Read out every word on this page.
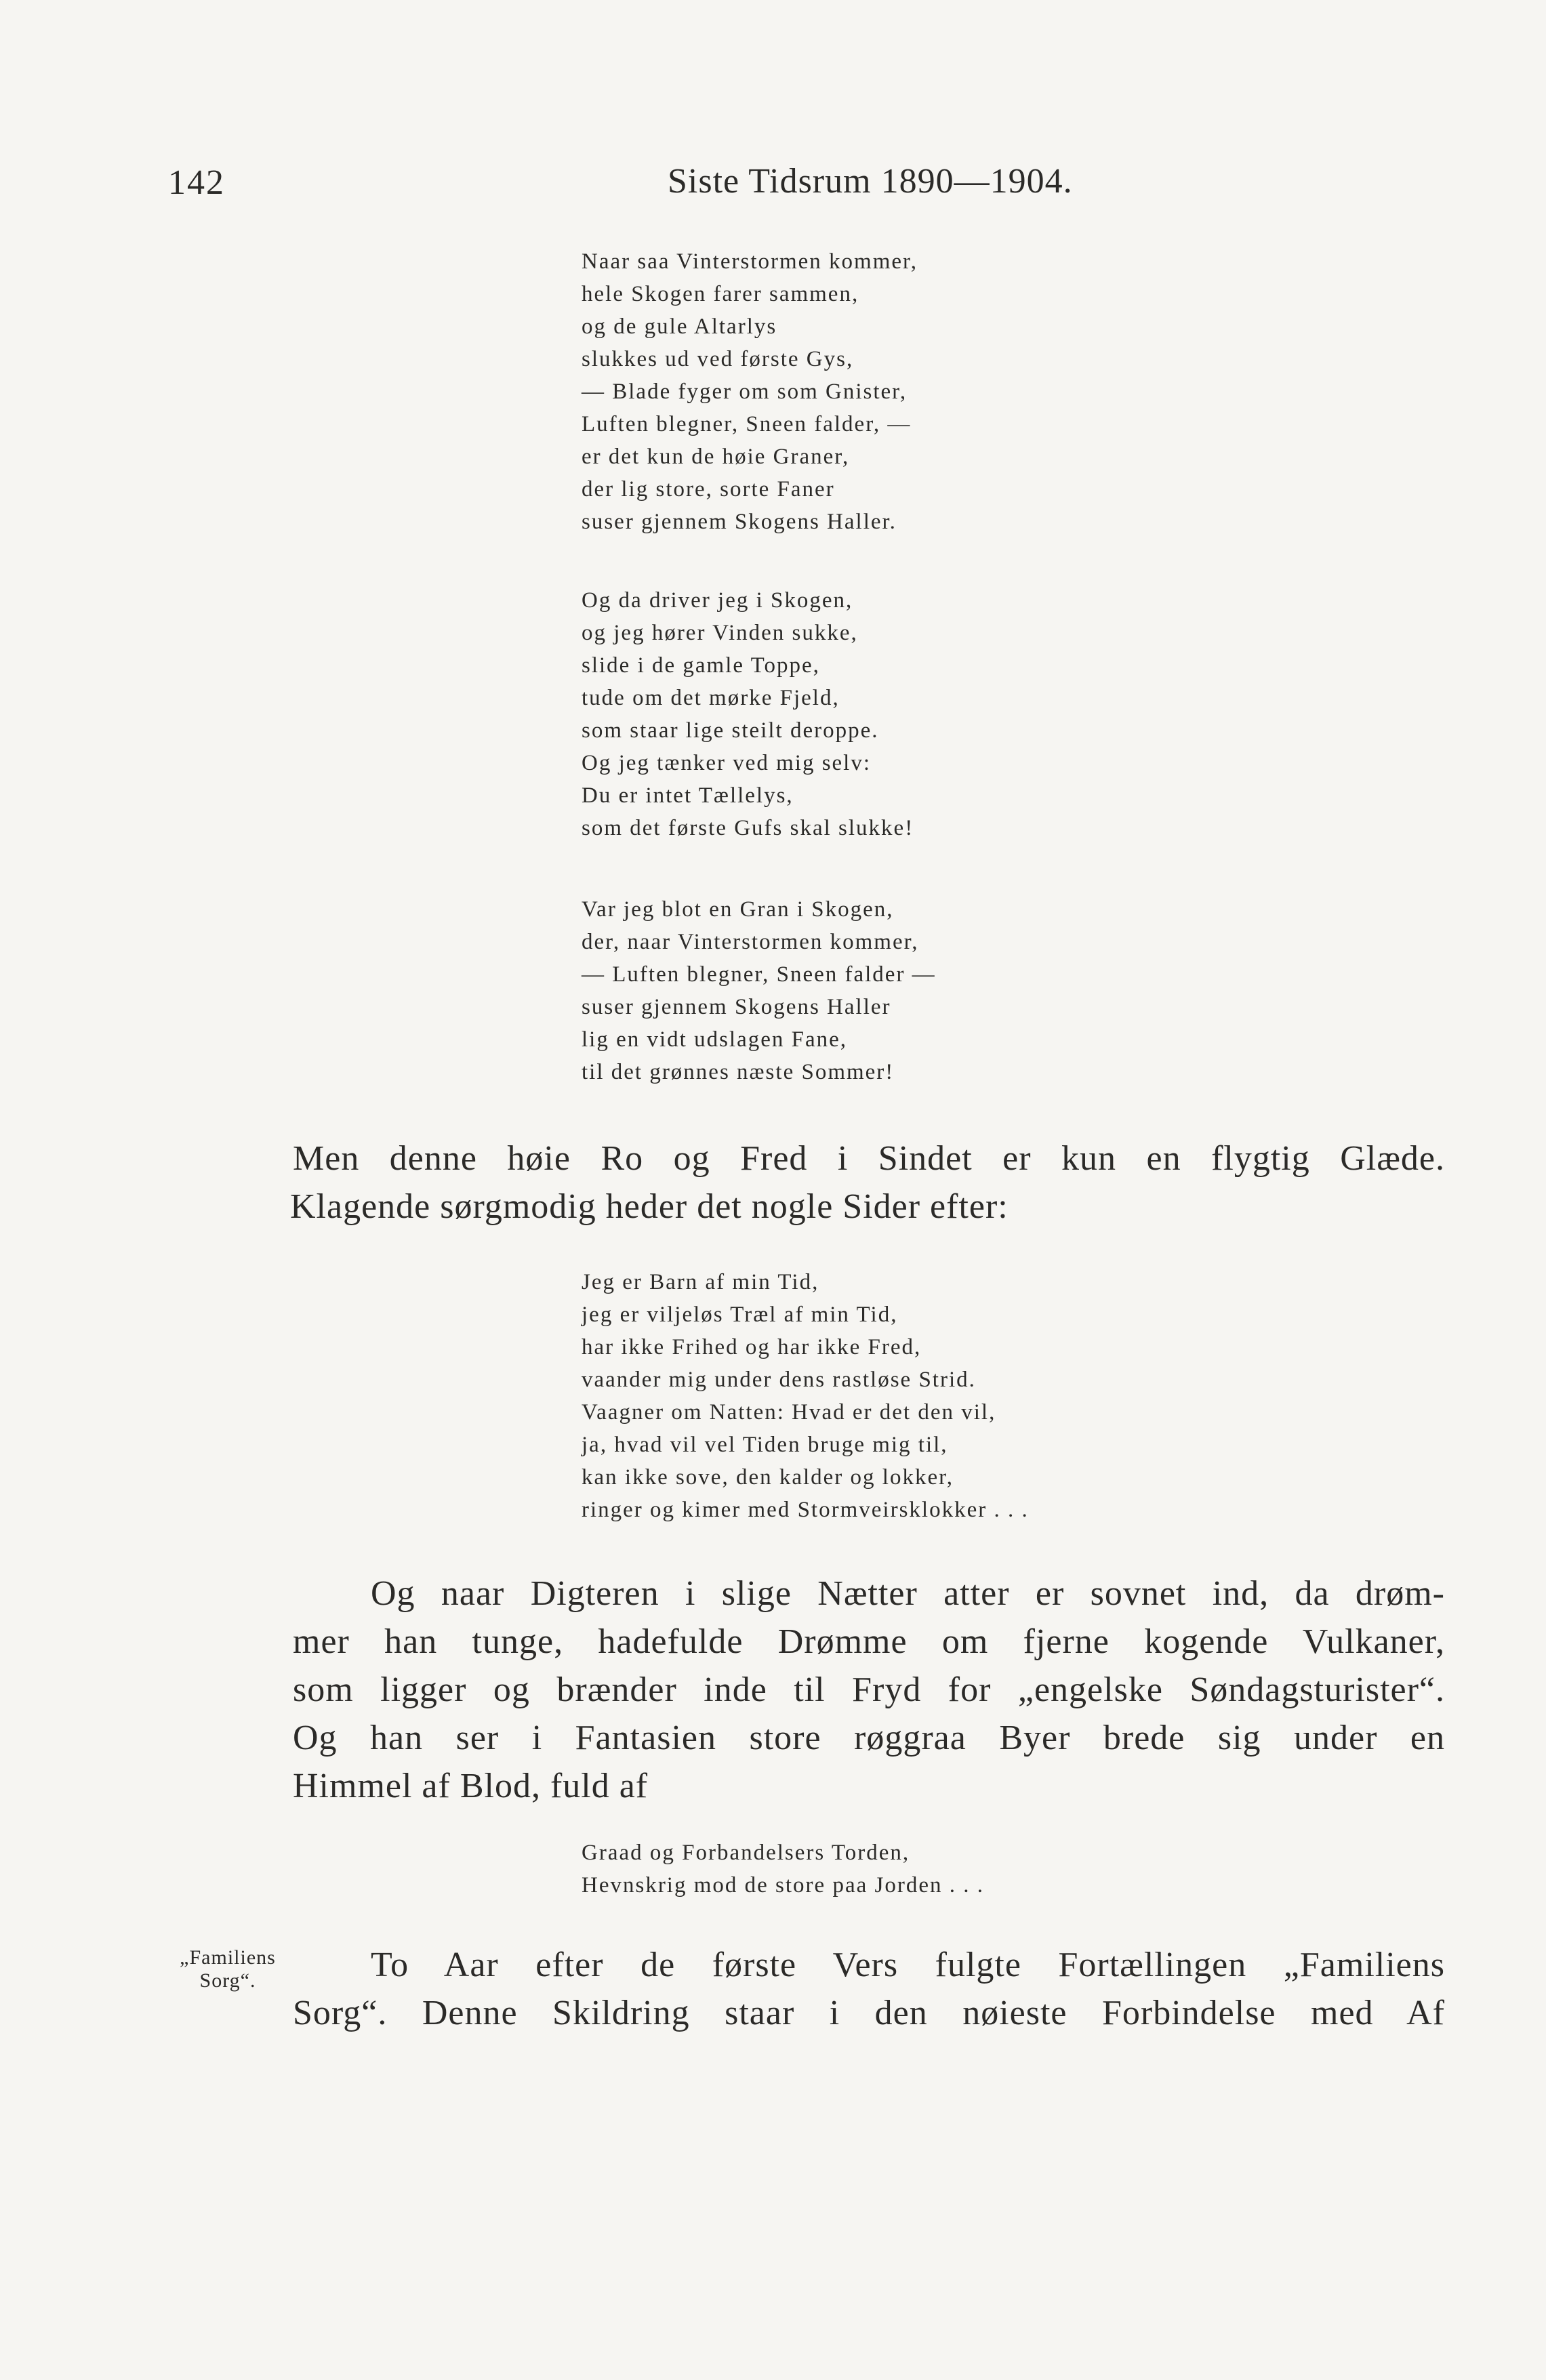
142	Siste Tidsrum 1890—1904.
Naar saa Vinterstormen kommer,
hele Skogen farer sammen,
og de gule Altarlys
slukkes ud ved første Gys,
— Blade fyger om som Gnister,
Luften blegner, Sneen falder, —
er det kun de høie Graner,
der lig store, sorte Faner
suser gjennem Skogens Haller.
Og da driver jeg i Skogen,
og jeg hører Vinden sukke,
slide i de gamle Toppe,
tude om det mørke Fjeld,
som staar lige steilt deroppe.
Og jeg tænker ved mig selv:
Du er intet Tællelys,
som det første Gufs skal slukke!
Var jeg blot en Gran i Skogen,
der, naar Vinterstormen kommer,
— Luften blegner, Sneen falder —
suser gjennem Skogens Haller
lig en vidt udslagen Fane,
til det grønnes næste Sommer!
Men denne høie Ro og Fred i Sindet er kun en flygtig Glæde.
Klagende sørgmodig heder det nogle Sider efter:
Jeg er Barn af min Tid,
jeg er viljeløs Træl af min Tid,
har ikke Frihed og har ikke Fred,
vaander mig under dens rastløse Strid.
Vaagner om Natten: Hvad er det den vil,
ja, hvad vil vel Tiden bruge mig til,
kan ikke sove, den kalder og lokker,
ringer og kimer med Stormveirsklokker . . .
Og naar Digteren i slige Nætter atter er sovnet ind, da drøm-
mer han tunge, hadefulde Drømme om fjerne kogende Vulkaner,
som ligger og brænder inde til Fryd for „engelske Søndagsturister“.
Og han ser i Fantasien store røggraa Byer brede sig under en
Himmel af Blod, fuld af
Graad og Forbandelsers Torden,
Hevnskrig mod de store paa Jorden . . .
„Familiens
Sorg“.	To Aar efter de første Vers fulgte Fortællingen „Familiens
Sorg“. Denne Skildring staar i den nøieste Forbindelse med Af
